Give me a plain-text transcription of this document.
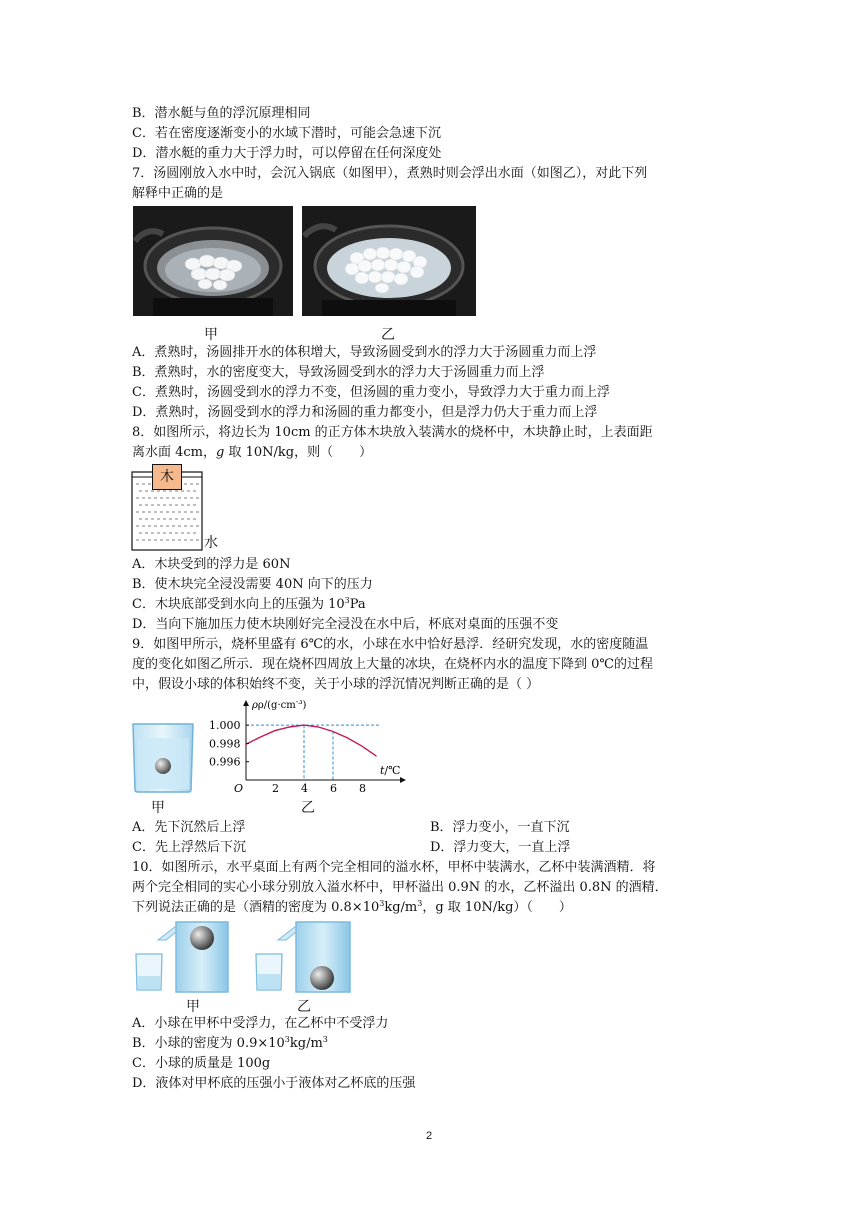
B．潜水艇与鱼的浮沉原理相同
C．若在密度逐渐变小的水域下潜时，可能会急速下沉
D．潜水艇的重力大于浮力时，可以停留在任何深度处
7．汤圆刚放入水中时，会沉入锅底（如图甲），煮熟时则会浮出水面（如图乙），对此下列
解释中正确的是
甲	乙
A．煮熟时，汤圆排开水的体积增大，导致汤圆受到水的浮力大于汤圆重力而上浮
B．煮熟时，水的密度变大，导致汤圆受到水的浮力大于汤圆重力而上浮
C．煮熟时，汤圆受到水的浮力不变，但汤圆的重力变小，导致浮力大于重力而上浮
D．煮熟时，汤圆受到水的浮力和汤圆的重力都变小，但是浮力仍大于重力而上浮
8．如图所示，将边长为 10cm 的正方体木块放入装满水的烧杯中，木块静止时，上表面距
离水面 4cm，g 取 10N/kg，则（　　）
木
水
A．木块受到的浮力是 60N
B．使木块完全浸没需要 40N 向下的压力
C．木块底部受到水向上的压强为 $10^3Pa$
D．当向下施加压力使木块刚好完全浸没在水中后，杯底对桌面的压强不变
9．如图甲所示，烧杯里盛有 6℃的水，小球在水中恰好悬浮．经研究发现，水的密度随温
度的变化如图乙所示．现在烧杯四周放上大量的冰块，在烧杯内水的温度下降到 0℃的过程
中，假设小球的体积始终不变，关于小球的浮沉情况判断正确的是（ ）
甲
2 4 6 8
1.000
0.998
0.996
$\rho\rho/(g\cdot cm^{-3})$
t/℃
O
乙
A．先下沉然后上浮	B．浮力变小，一直下沉
C．先上浮然后下沉	D．浮力变大，一直上浮
10．如图所示，水平桌面上有两个完全相同的溢水杯，甲杯中装满水，乙杯中装满酒精．将
两个完全相同的实心小球分别放入溢水杯中，甲杯溢出 0.9N 的水，乙杯溢出 0.8N 的酒精．
下列说法正确的是（酒精的密度为 $0.8\times 10^3kg/m^3$，g 取 10N/kg）（　　）
甲	乙
A．小球在甲杯中受浮力，在乙杯中不受浮力
B．小球的密度为 $0.9\times 10^3kg/m^3$
C．小球的质量是 100g
D．液体对甲杯底的压强小于液体对乙杯底的压强
2
